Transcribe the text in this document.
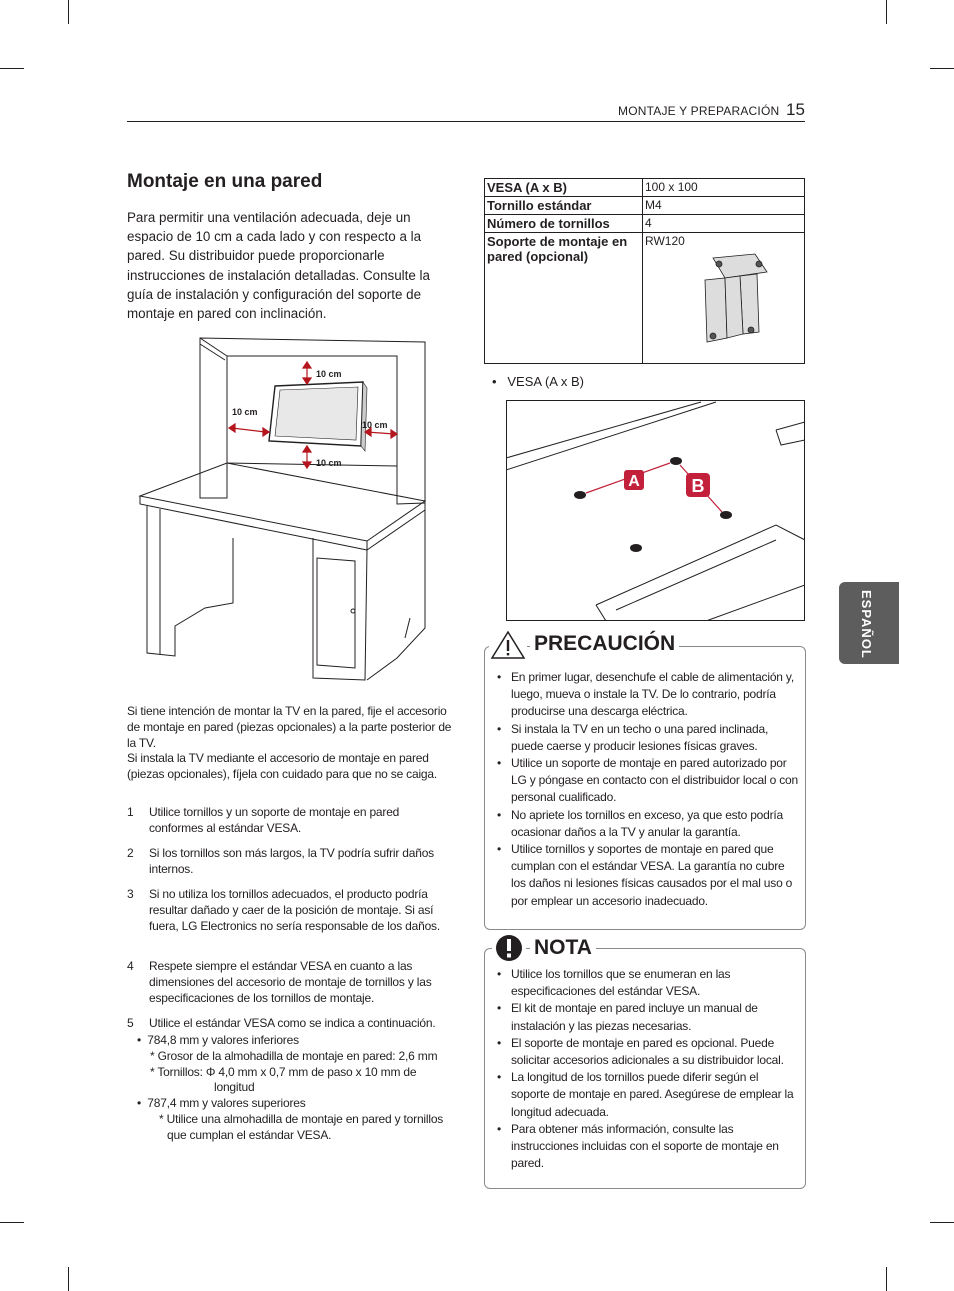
MONTAJE Y PREPARACIÓN 15
ESPAÑOL
Montaje en una pared
Para permitir una ventilación adecuada, deje un espacio de 10 cm a cada lado y con respecto a la pared. Su distribuidor puede proporcionarle instrucciones de instalación detalladas. Consulte la guía de instalación y configuración del soporte de montaje en pared con inclinación.
10 cm
10 cm
10 cm
10 cm

Si tiene intención de montar la TV en la pared, fije el accesorio de montaje en pared (piezas opcionales) a la parte posterior de la TV.

Si instala la TV mediante el accesorio de montaje en pared (piezas opcionales), fíjela con cuidado para que no se caiga.

1 Utilice tornillos y un soporte de montaje en pared conformes al estándar VESA.
2 Si los tornillos son más largos, la TV podría sufrir daños internos.
3 Si no utiliza los tornillos adecuados, el producto podría resultar dañado y caer de la posición de montaje. Si así fuera, LG Electronics no sería responsable de los daños.
4 Respete siempre el estándar VESA en cuanto a las dimensiones del accesorio de montaje de tornillos y las especificaciones de los tornillos de montaje.
5 Utilice el estándar VESA como se indica a continuación.
•  784,8 mm y valores inferiores
* Grosor de la almohadilla de montaje en pared: 2,6 mm
* Tornillos: Φ 4,0 mm x 0,7 mm de paso x 10 mm de
longitud
•  787,4 mm y valores superiores
* Utilice una almohadilla de montaje en pared y tornillos
que cumplan el estándar VESA.
VESA (A x B)	100 x 100
Tornillo estándar	M4
Número de tornillos	4
Soporte de montaje en pared (opcional)	RW120
•   VESA (A x B)
A	B
• En primer lugar, desenchufe el cable de alimentación y, luego, mueva o instale la TV. De lo contrario, podría producirse una descarga eléctrica.
• Si instala la TV en un techo o una pared inclinada, puede caerse y producir lesiones físicas graves.
• Utilice un soporte de montaje en pared autorizado por LG y póngase en contacto con el distribuidor local o con personal cualificado.
• No apriete los tornillos en exceso, ya que esto podría ocasionar daños a la TV y anular la garantía.
• Utilice tornillos y soportes de montaje en pared que cumplan con el estándar VESA. La garantía no cubre los daños ni lesiones físicas causados por el mal uso o por emplear un accesorio inadecuado.
PRECAUCIÓN
• Utilice los tornillos que se enumeran en las especificaciones del estándar VESA.
• El kit de montaje en pared incluye un manual de instalación y las piezas necesarias.
• El soporte de montaje en pared es opcional. Puede solicitar accesorios adicionales a su distribuidor local.
• La longitud de los tornillos puede diferir según el soporte de montaje en pared. Asegúrese de emplear la longitud adecuada.
• Para obtener más información, consulte las instrucciones incluidas con el soporte de montaje en pared.
NOTA
